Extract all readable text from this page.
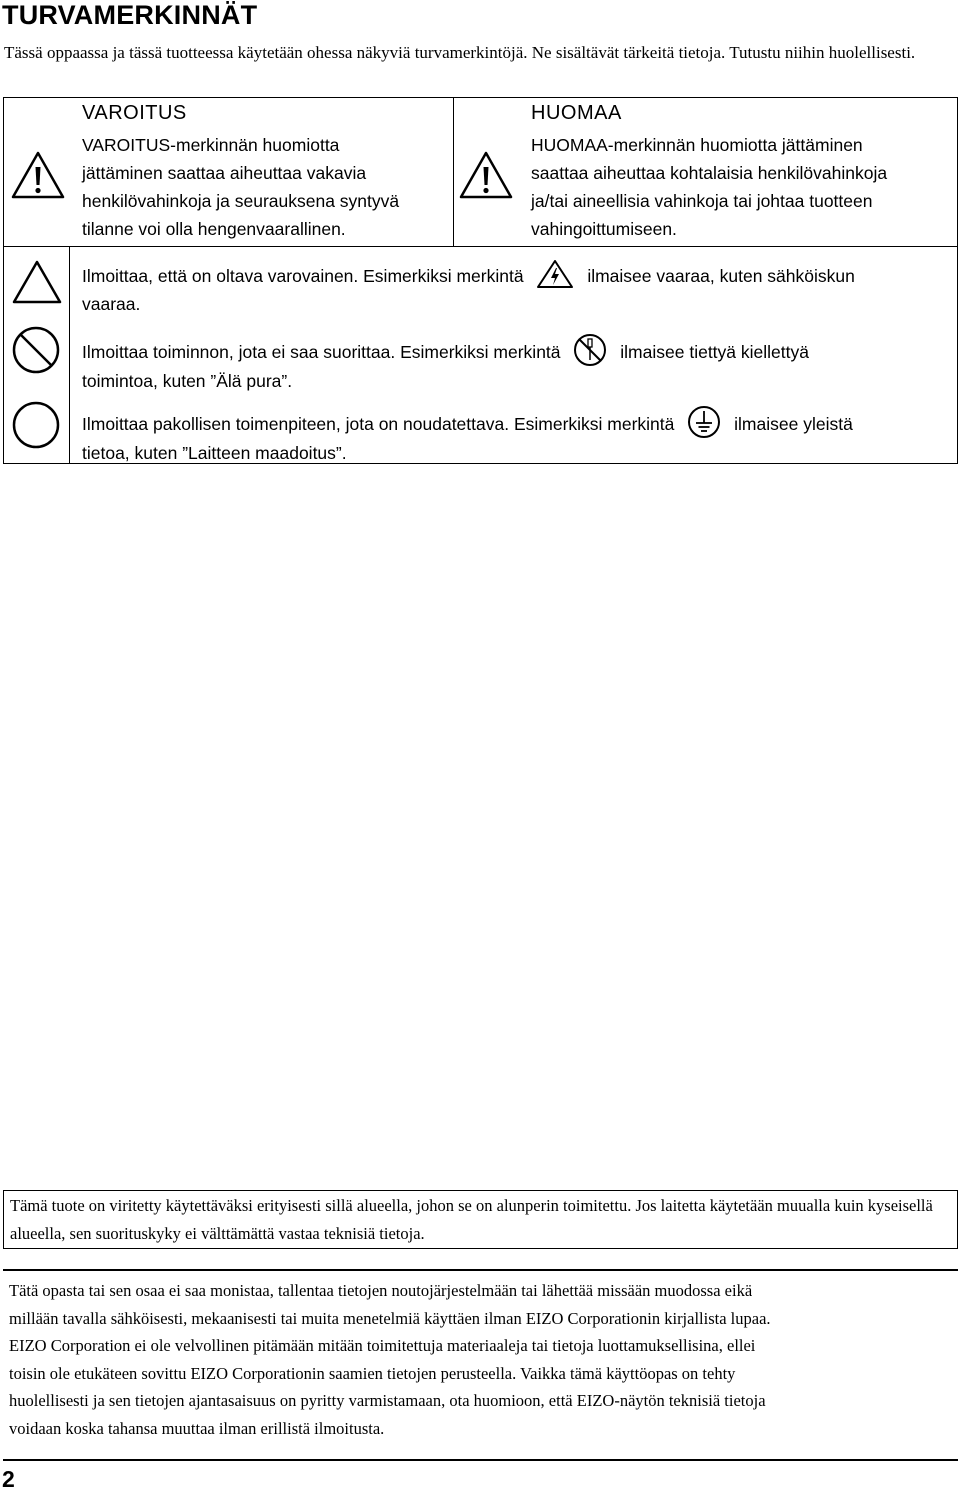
TURVAMERKINNÄT
Tässä oppaassa ja tässä tuotteessa käytetään ohessa näkyviä turvamerkintöjä. Ne sisältävät tärkeitä tietoja. Tutustu niihin huolellisesti.
VAROITUS
VAROITUS-merkinnän huomiotta
jättäminen saattaa aiheuttaa vakavia
henkilövahinkoja ja seurauksena syntyvä
tilanne voi olla hengenvaarallinen.
HUOMAA
HUOMAA-merkinnän huomiotta jättäminen
saattaa aiheuttaa kohtalaisia henkilövahinkoja
ja/tai aineellisia vahinkoja tai johtaa tuotteen
vahingoittumiseen.
Ilmoittaa, että on oltava varovainen. Esimerkiksi merkintä	ilmaisee vaaraa, kuten sähköiskun
vaaraa.
Ilmoittaa toiminnon, jota ei saa suorittaa. Esimerkiksi merkintä	ilmaisee tiettyä kiellettyä
toimintoa, kuten ”Älä pura”.
Ilmoittaa pakollisen toimenpiteen, jota on noudatettava. Esimerkiksi merkintä	ilmaisee yleistä
tietoa, kuten ”Laitteen maadoitus”.
Tämä tuote on viritetty käytettäväksi erityisesti sillä alueella, johon se on alunperin toimitettu. Jos laitetta käytetään muualla kuin kyseisellä alueella, sen suorituskyky ei välttämättä vastaa teknisiä tietoja.
Tätä opasta tai sen osaa ei saa monistaa, tallentaa tietojen noutojärjestelmään tai lähettää missään muodossa eikä
millään tavalla sähköisesti, mekaanisesti tai muita menetelmiä käyttäen ilman EIZO Corporationin kirjallista lupaa.
EIZO Corporation ei ole velvollinen pitämään mitään toimitettuja materiaaleja tai tietoja luottamuksellisina, ellei
toisin ole etukäteen sovittu EIZO Corporationin saamien tietojen perusteella. Vaikka tämä käyttöopas on tehty
huolellisesti ja sen tietojen ajantasaisuus on pyritty varmistamaan, ota huomioon, että EIZO-näytön teknisiä tietoja
voidaan koska tahansa muuttaa ilman erillistä ilmoitusta.
2
